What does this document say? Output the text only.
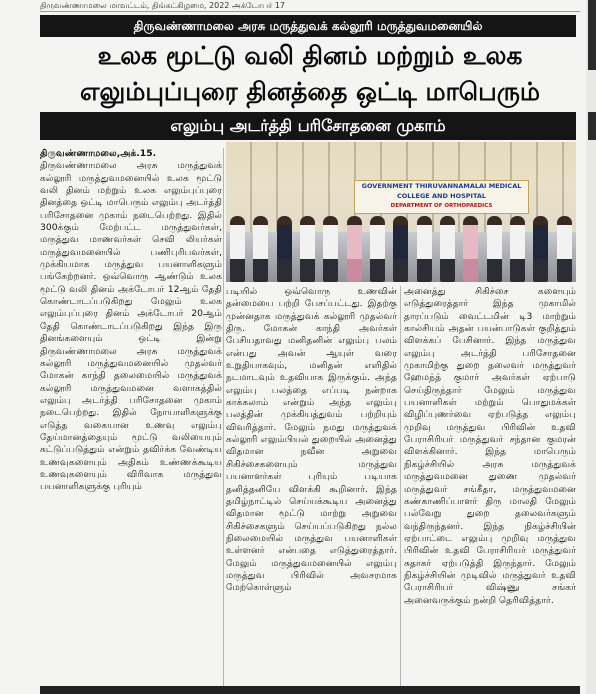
திருவண்ணாமலை மாவட்டம், திங்கட்கிழமை, 2022 அக்டோபர் 17
திருவண்ணாமலை அரசு மருத்துவக் கல்லூரி மருத்துவமனையில்
உலக மூட்டு வலி தினம் மற்றும் உலக
எலும்புப்புரை தினத்தை ஒட்டி மாபெரும்
எலும்பு அடர்த்தி பரிசோதனை முகாம்
திருவண்ணாமலை,அக்.15.
திருவண்ணாமலை அரசு மருத்துவக் கல்லூரி மருத்துவமனையில் உலக மூட்டு வலி தினம் மற்றும் உலக எலும்புப்புரை தினத்தை ஒட்டி மாபெரும் எலும்பு அடர்த்தி பரிசோதனை முகாம் நடைபெற்றது. இதில் 300க்கும் மேற்பட்ட மருத்துவர்கள், மருத்துவ மாணவர்கள் செவி லியர்கள் மருத்துவமனையில் பணிபுரிபவர்கள், முக்கியமாக மருத்துவ பயனாளிகளும் பங்கேற்றனர். ஒவ்வொரு ஆண்டும் உலக மூட்டு வலி தினம் அக்டோபர் 12ஆம் தேதி கொண்டாடப்படுகிறது மேலும் உலக எலும்புப்புரை தினம் அக்டோபர் 20ஆம் தேதி கொண்டாடப்படுகிறது இந்த இரு தினங்களையும் ஒட்டி இன்று திருவண்ணாமலை அரசு மருத்துவக் கல்லூரி மருத்துவமனையில் முதல்வர் மோகன் காந்தி தலைமையில் மருத்துவக் கல்லூரி மருத்துவமனை வளாகத்தில் எலும்பு அடர்த்தி பரிசோதனை முகாம் நடைபெற்றது. இதில் நோயாளிகளுக்கு எடுத்த வகையான உணவு எலும்பு தேய்மானத்தையும் மூட்டு வலியையும் கட்டுப்படுத்தும் என்றும் தவிர்க்க வேண்டிய உணவுகளையும் அதிகம் உண்ணக்கூடிய உணவுகளையும் விரிவாக மருத்துவ பயனாளிகளுக்கு புரியும்
GOVERNMENT THIRUVANNAMALAI MEDICAL
COLLEGE AND HOSPITAL
DEPARTMENT OF ORTHOPAEDICS
படியில் ஒவ்வொரு உணவின் தன்மையை பற்றி பேசப்பட்டது. இதற்கு முன்னதாக மருத்துவக் கல்லூரி முதல்வர் திரு. மோகன் காந்தி அவர்கள் பேசியதாவது மனிதனின் எலும்பு பலம் என்பது அவன் ஆயுள் வரை உறுதியாகவும், மனிதன் எளிதில் நடமாடவும் உதவியாக இருக்கும். அந்த எலும்பு பலத்தை எப்படி நன்றாக காக்கலாம் என்றும் அந்த எலும்பு பலத்தின் முக்கியத்துவம் பற்றியும் விவரித்தார். மேலும் நமது மருத்துவக் கல்லூரி எலும்பியல் துறையில் அனைத்து விதமான நவீன அறுவை சிகிச்சைகளையும் மருத்துவ பயனாளர்கள் புரியும் படியாக தனித்தனியே விளக்கி கூறினார். இந்த தமிழ்நாட்டில் செய்யக்கூடிய அனைத்து விதமான மூட்டு மாற்று அறுவை சிகிச்சைகளும் செய்யப்படுகிறது நல்ல நிலைமையில் மருத்துவ பயனாளிகள் உள்ளனர் என்பதை எடுத்துரைத்தார். மேலும் மருத்துவமனையில் எலும்பு மருத்துவ பிரிவில் அவசரமாக மேற்கொள்ளும்
அனைத்து சிகிச்சை களையும் எடுத்துரைத்தார் இந்த முகாமில் தாரப்படும் வைட்டமின் டி3 மாற்றும் கால்சியம் அதன் பயன்பாடுகள் குறித்தும் விளக்கப் பேசினார். இந்த மருத்துவ எலும்பு அடர்த்தி பரிசோதனை முகாமிற்கு துறை தலைவர் மருத்துவர் ஹேமந்த் குமார் அவர்கள் ஏற்பாடு செய்திருந்தார் மேலும் மருத்துவ பயனாளிகள் மற்றும் பொதுமக்கள் விழிப்புணர்வை ஏற்படுத்த எலும்பு முறிவு மருத்துவ பிரிவின் உதவி பேராசிரியர் மருத்துவர் சந்தான குமரன் விளக்கினார். இந்த மாபெரும் நிகழ்ச்சியில் அரசு மருத்துவக் மருத்துவமனை துணை முதல்வர் மருத்துவர் சங்கீதா, மருத்துவமனை கண்காணிப்பாளர் திரு மாலதி மேலும் பல்வேறு துறை தலைவர்களும் வந்திருந்தனர். இந்த நிகழ்ச்சியின் ஏற்பாட்டை எலும்பு முறிவு மருத்துவ பிரிவின் உதவி பேராசிரியர் மருத்துவர் சுதாகர் ஏற்படுத்தி இருந்தார். மேலும் நிகழ்ச்சியின் முடிவில் மருத்துவர் உதவி பேராசிரியர் விஷ்ணு சங்கர் அனைவருக்கும் நன்றி தெரிவித்தார்.
